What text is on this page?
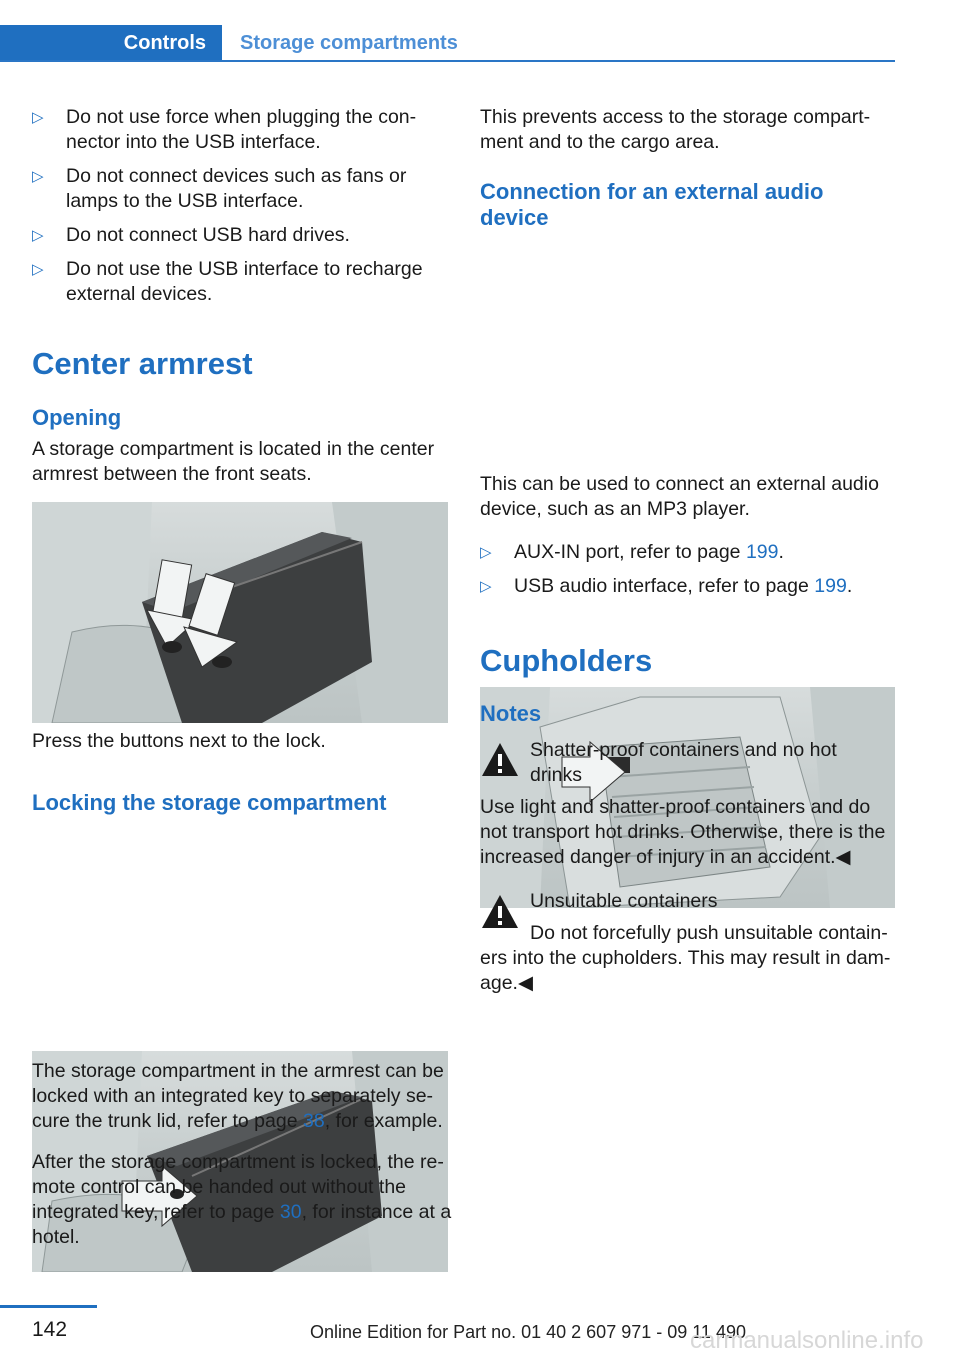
Controls	Storage compartments
▷	Do not use force when plugging the con-nector into the USB interface.
▷	Do not connect devices such as fans or lamps to the USB interface.
▷	Do not connect USB hard drives.
▷	Do not use the USB interface to recharge external devices.
Center armrest
Opening
A storage compartment is located in the center armrest between the front seats.
Press the buttons next to the lock.
Locking the storage compartment
The storage compartment in the armrest can be locked with an integrated key to separately se-cure the trunk lid, refer to page 38, for example.
After the storage compartment is locked, the re-mote control can be handed out without the integrated key, refer to page 30, for instance at a hotel.
This prevents access to the storage compart-ment and to the cargo area.
Connection for an external audio device
This can be used to connect an external audio device, such as an MP3 player.
▷	AUX-IN port, refer to page 199.
▷	USB audio interface, refer to page 199.
Cupholders
Notes
Shatter-proof containers and no hot drinks
Use light and shatter-proof containers and do not transport hot drinks. Otherwise, there is the increased danger of injury in an accident.◀
Unsuitable containers
Do not forcefully push unsuitable contain-
ers into the cupholders. This may result in dam-age.◀
142	Online Edition for Part no. 01 40 2 607 971 - 09 11 490
carmanualsonline.info
